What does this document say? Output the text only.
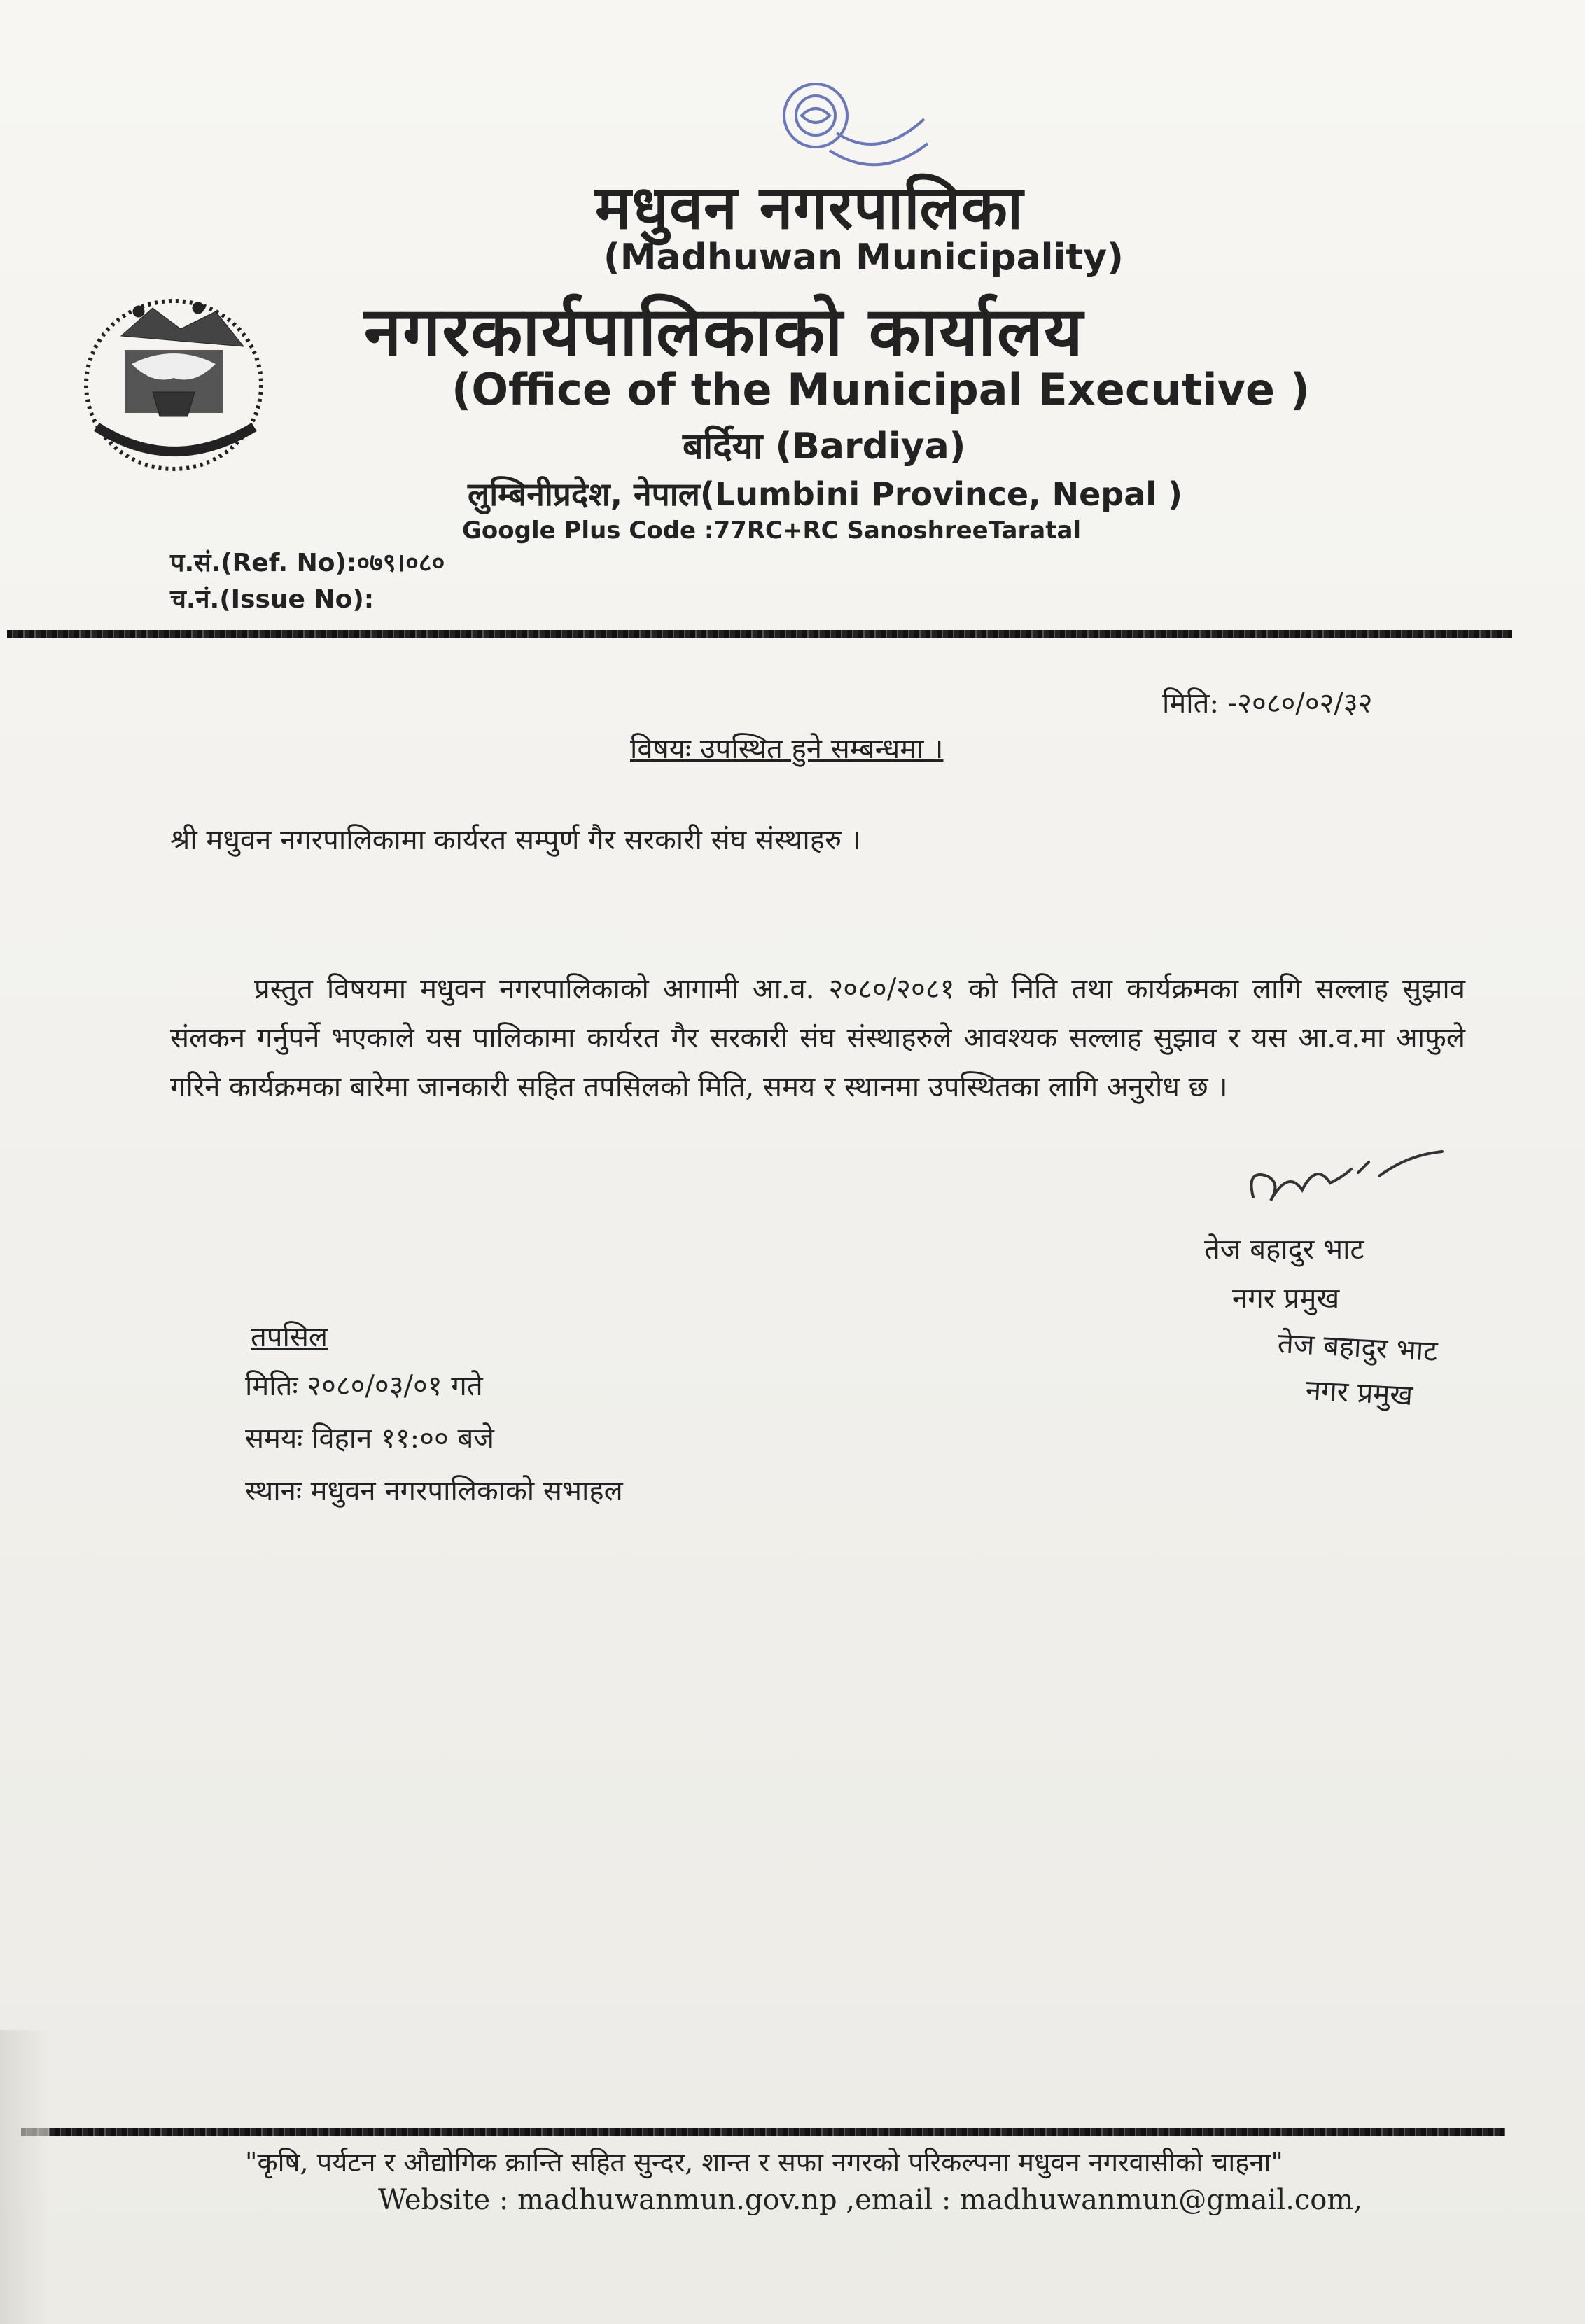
मधुवन नगरपालिका
(Madhuwan Municipality)
नगरकार्यपालिकाको कार्यालय
(Office of the Municipal Executive )
बर्दिया (Bardiya)
लुम्बिनीप्रदेश, नेपाल(Lumbini Province, Nepal )
Google Plus Code :77RC+RC SanoshreeTaratal
प.सं.(Ref. No):०७९।०८०
च.नं.(Issue No):
मिति: -२०८०/०२/३२
विषयः उपस्थित हुने सम्बन्धमा ।
श्री मधुवन नगरपालिकामा कार्यरत सम्पुर्ण गैर सरकारी संघ संस्थाहरु ।
प्रस्तुत विषयमा मधुवन नगरपालिकाको आगामी आ.व. २०८०/२०८१ को निति तथा कार्यक्रमका लागि सल्लाह सुझाव संलकन गर्नुपर्ने भएकाले यस पालिकामा कार्यरत गैर सरकारी संघ संस्थाहरुले आवश्यक सल्लाह सुझाव र यस आ.व.मा आफुले गरिने कार्यक्रमका बारेमा जानकारी सहित तपसिलको मिति, समय र स्थानमा उपस्थितका लागि अनुरोध छ ।
तेज बहादुर भाट
नगर प्रमुख
तेज बहादुर भाट
नगर प्रमुख
तपसिल
मितिः २०८०/०३/०१ गते
समयः विहान ११:०० बजे
स्थानः मधुवन नगरपालिकाको सभाहल
"कृषि, पर्यटन र औद्योगिक क्रान्ति सहित सुन्दर, शान्त र सफा नगरको परिकल्पना मधुवन नगरवासीको चाहना"
Website : madhuwanmun.gov.np ,email : madhuwanmun@gmail.com,
